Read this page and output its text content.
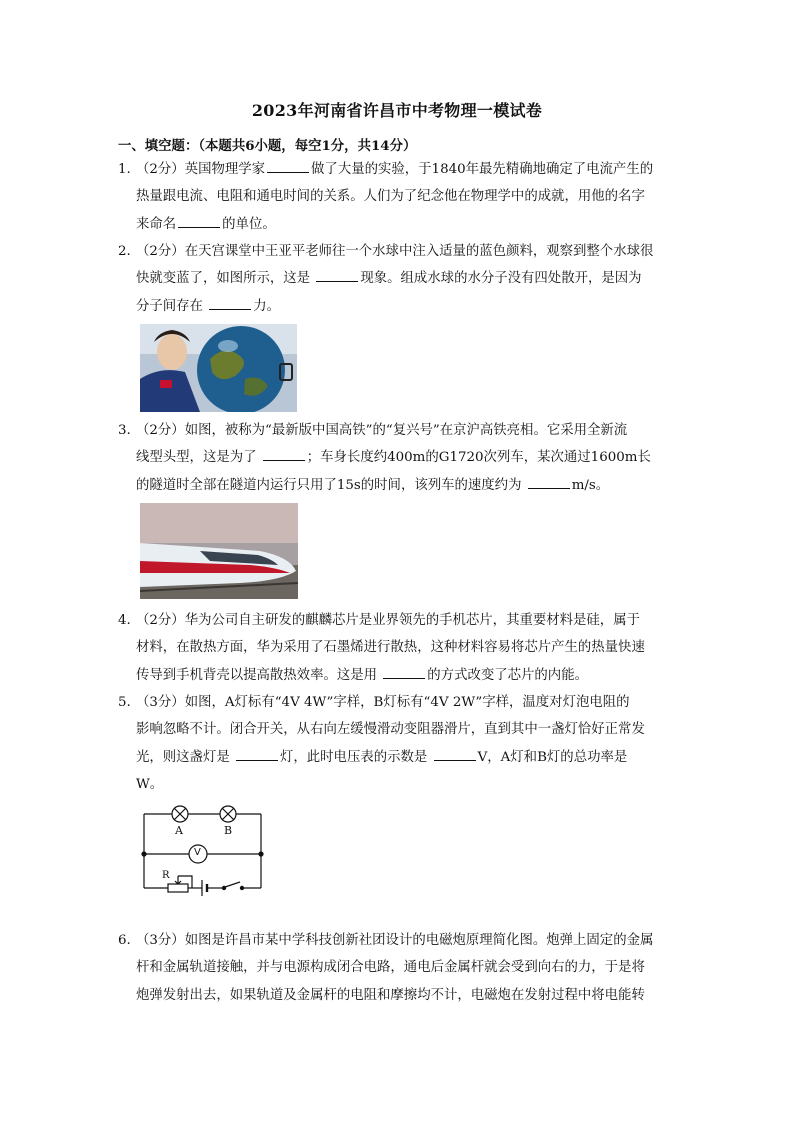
2023年河南省许昌市中考物理一模试卷
一、填空题：（本题共6小题，每空1分，共14分）
1. （2分）英国物理学家	做了大量的实验，于1840年最先精确地确定了电流产生的
热量跟电流、电阻和通电时间的关系。人们为了纪念他在物理学中的成就，用他的名字
来命名	的单位。
2. （2分）在天宫课堂中王亚平老师往一个水球中注入适量的蓝色颜料，观察到整个水球很
快就变蓝了，如图所示，这是	现象。组成水球的水分子没有四处散开，是因为
分子间存在	力。
3. （2分）如图，被称为“最新版中国高铁”的“复兴号”在京沪高铁亮相。它采用全新流
线型头型，这是为了	；车身长度约400m的G1720次列车，某次通过1600m长
的隧道时全部在隧道内运行只用了15s的时间，该列车的速度约为	m/s。
4. （2分）华为公司自主研发的麒麟芯片是业界领先的手机芯片，其重要材料是硅，属于
材料，在散热方面，华为采用了石墨烯进行散热，这种材料容易将芯片产生的热量快速
传导到手机背壳以提高散热效率。这是用	的方式改变了芯片的内能。
5. （3分）如图，A灯标有“4V 4W”字样，B灯标有“4V 2W”字样，温度对灯泡电阻的
影响忽略不计。闭合开关，从右向左缓慢滑动变阻器滑片，直到其中一盏灯恰好正常发
光，则这盏灯是	灯，此时电压表的示数是	V，A灯和B灯的总功率是
W。
A	B
V
R
6. （3分）如图是许昌市某中学科技创新社团设计的电磁炮原理简化图。炮弹上固定的金属
杆和金属轨道接触，并与电源构成闭合电路，通电后金属杆就会受到向右的力，于是将
炮弹发射出去，如果轨道及金属杆的电阻和摩擦均不计，电磁炮在发射过程中将电能转
